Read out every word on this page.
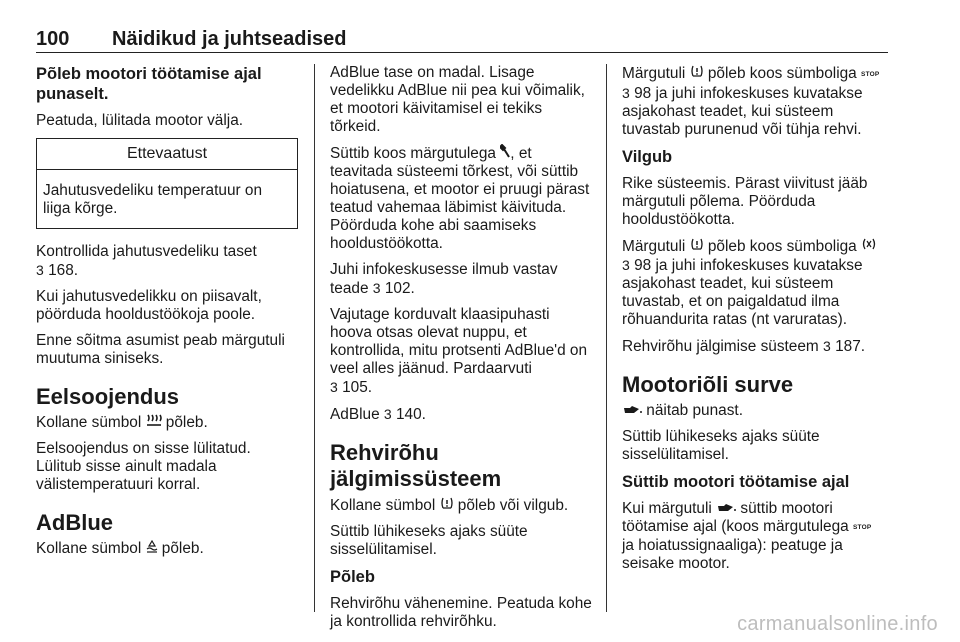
100 Näidikud ja juhtseadised

Põleb mootori töötamise ajal punaselt.

Peatuda, lülitada mootor välja.

Ettevaatust
Jahutusvedeliku temperatuur on liiga kõrge.

Kontrollida jahutusvedeliku taset
3 168.

Kui jahutusvedelikku on piisavalt, pöörduda hooldustöökoja poole.

Enne sõitma asumist peab märgutuli muutuma siniseks.

Eelsoojendus

Kollane sümbol põleb.

Eelsoojendus on sisse lülitatud. Lülitub sisse ainult madala välistemperatuuri korral.

AdBlue

Kollane sümbol põleb.

AdBlue tase on madal. Lisage vedelikku AdBlue nii pea kui võimalik, et mootori käivitamisel ei tekiks tõrkeid.

Süttib koos märgutulega , et teavitada süsteemi tõrkest, või süttib hoiatusena, et mootor ei pruugi pärast teatud vahemaa läbimist käivituda. Pöörduda kohe abi saamiseks hooldustöökotta.

Juhi infokeskusesse ilmub vastav teade 3 102.

Vajutage korduvalt klaasipuhasti hoova otsas olevat nuppu, et kontrollida, mitu protsenti AdBlue'd on veel alles jäänud. Pardaarvuti
3 105.

AdBlue 3 140.

Rehvirõhu jälgimissüsteem

Kollane sümbol põleb või vilgub.

Süttib lühikeseks ajaks süüte sisselülitamisel.

Põleb

Rehvirõhu vähenemine. Peatuda kohe ja kontrollida rehvirõhku.

Märgutuli põleb koos sümboliga STOP
3 98 ja juhi infokeskuses kuvatakse asjakohast teadet, kui süsteem tuvastab purunenud või tühja rehvi.

Vilgub

Rike süsteemis. Pärast viivitust jääb märgutuli põlema. Pöörduda hooldustöökotta.

Märgutuli põleb koos sümboliga
3 98 ja juhi infokeskuses kuvatakse asjakohast teadet, kui süsteem tuvastab, et on paigaldatud ilma rõhuandurita ratas (nt varuratas).

Rehvirõhu jälgimise süsteem 3 187.

Mootoriõli surve

näitab punast.

Süttib lühikeseks ajaks süüte sisselülitamisel.

Süttib mootori töötamise ajal

Kui märgutuli süttib mootori töötamise ajal (koos märgutulega STOP
ja hoiatussignaaliga): peatuge ja seisake mootor.

carmanualsonline.info
